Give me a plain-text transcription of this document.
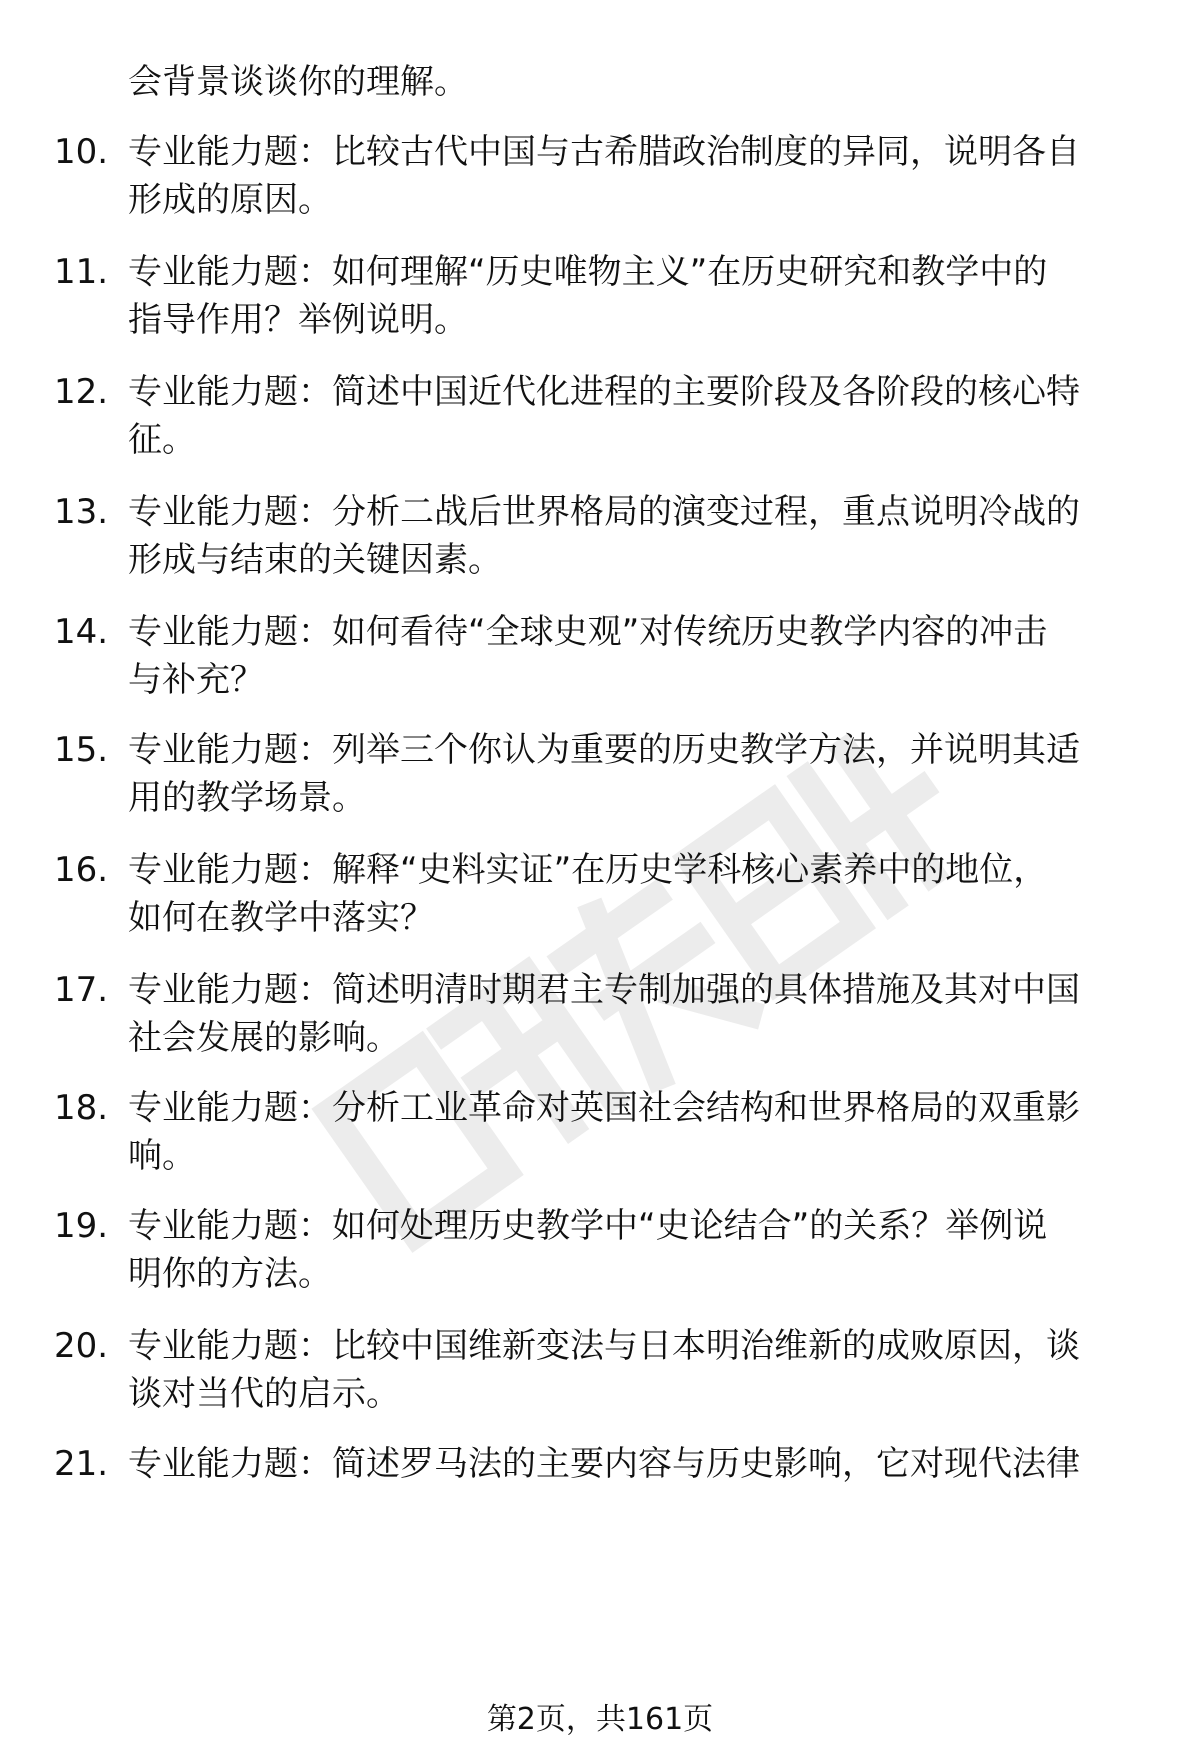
会背景谈谈你的理解。
10. 专业能力题：比较古代中国与古希腊政治制度的异同，说明各自
形成的原因。
11. 专业能力题：如何理解“历史唯物主义”在历史研究和教学中的
指导作用？举例说明。
12. 专业能力题：简述中国近代化进程的主要阶段及各阶段的核心特
征。
13. 专业能力题：分析二战后世界格局的演变过程，重点说明冷战的
形成与结束的关键因素。
14. 专业能力题：如何看待“全球史观”对传统历史教学内容的冲击
与补充？
15. 专业能力题：列举三个你认为重要的历史教学方法，并说明其适
用的教学场景。
16. 专业能力题：解释“史料实证”在历史学科核心素养中的地位，
如何在教学中落实？
17. 专业能力题：简述明清时期君主专制加强的具体措施及其对中国
社会发展的影响。
18. 专业能力题：分析工业革命对英国社会结构和世界格局的双重影
响。
19. 专业能力题：如何处理历史教学中“史论结合”的关系？举例说
明你的方法。
20. 专业能力题：比较中国维新变法与日本明治维新的成败原因，谈
谈对当代的启示。
21. 专业能力题：简述罗马法的主要内容与历史影响，它对现代法律
第2页，共161页
